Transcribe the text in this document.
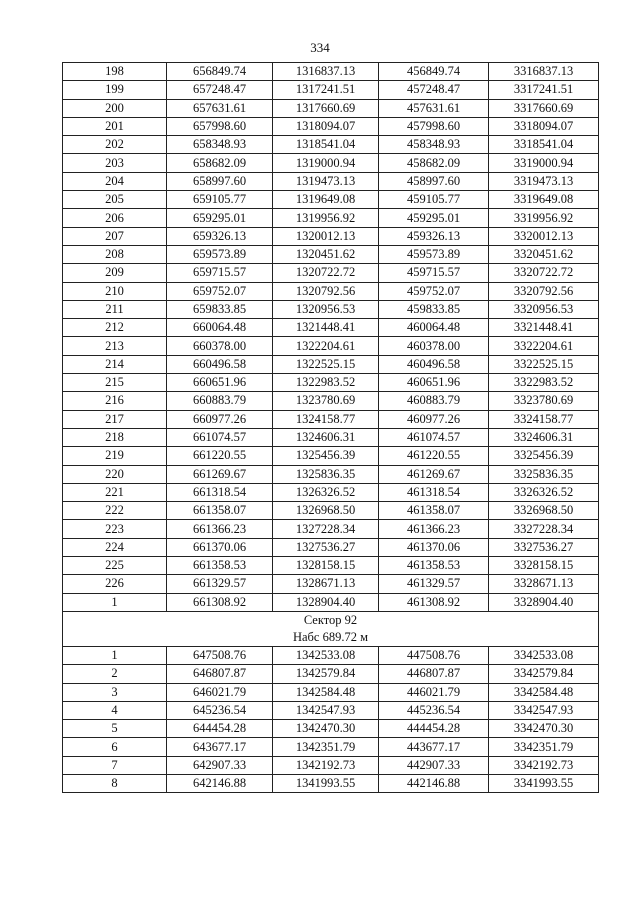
334
198	656849.74	1316837.13	456849.74	3316837.13
199	657248.47	1317241.51	457248.47	3317241.51
200	657631.61	1317660.69	457631.61	3317660.69
201	657998.60	1318094.07	457998.60	3318094.07
202	658348.93	1318541.04	458348.93	3318541.04
203	658682.09	1319000.94	458682.09	3319000.94
204	658997.60	1319473.13	458997.60	3319473.13
205	659105.77	1319649.08	459105.77	3319649.08
206	659295.01	1319956.92	459295.01	3319956.92
207	659326.13	1320012.13	459326.13	3320012.13
208	659573.89	1320451.62	459573.89	3320451.62
209	659715.57	1320722.72	459715.57	3320722.72
210	659752.07	1320792.56	459752.07	3320792.56
211	659833.85	1320956.53	459833.85	3320956.53
212	660064.48	1321448.41	460064.48	3321448.41
213	660378.00	1322204.61	460378.00	3322204.61
214	660496.58	1322525.15	460496.58	3322525.15
215	660651.96	1322983.52	460651.96	3322983.52
216	660883.79	1323780.69	460883.79	3323780.69
217	660977.26	1324158.77	460977.26	3324158.77
218	661074.57	1324606.31	461074.57	3324606.31
219	661220.55	1325456.39	461220.55	3325456.39
220	661269.67	1325836.35	461269.67	3325836.35
221	661318.54	1326326.52	461318.54	3326326.52
222	661358.07	1326968.50	461358.07	3326968.50
223	661366.23	1327228.34	461366.23	3327228.34
224	661370.06	1327536.27	461370.06	3327536.27
225	661358.53	1328158.15	461358.53	3328158.15
226	661329.57	1328671.13	461329.57	3328671.13
1	661308.92	1328904.40	461308.92	3328904.40

Сектор 92
Набс 689.72 м				

1	647508.76	1342533.08	447508.76	3342533.08
2	646807.87	1342579.84	446807.87	3342579.84
3	646021.79	1342584.48	446021.79	3342584.48
4	645236.54	1342547.93	445236.54	3342547.93
5	644454.28	1342470.30	444454.28	3342470.30
6	643677.17	1342351.79	443677.17	3342351.79
7	642907.33	1342192.73	442907.33	3342192.73
8	642146.88	1341993.55	442146.88	3341993.55
